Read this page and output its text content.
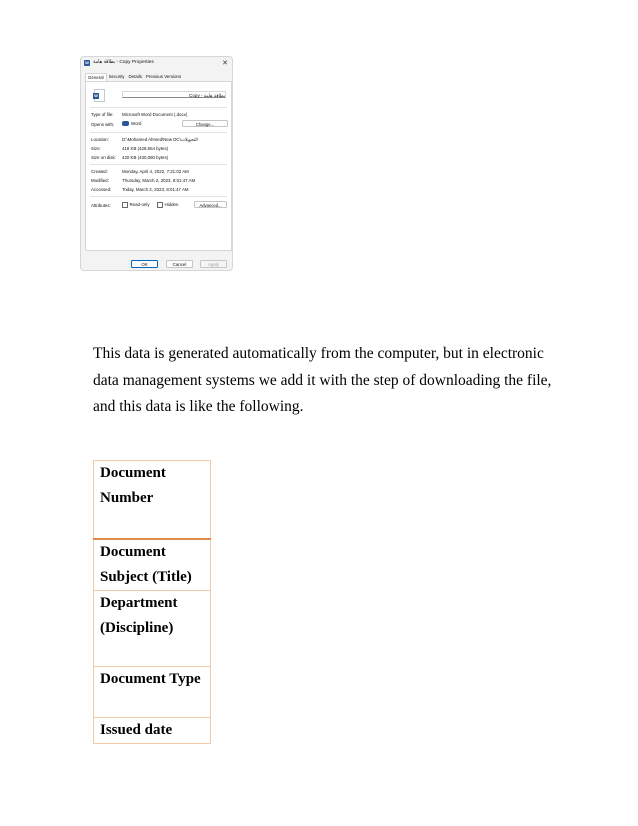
W بطاقة هامة - Copy Properties	✕
General	Security Details Previous Versions
W	بطاقة هامة - Copy
Type of file: Microsoft Word Document (.docx)
Opens with:	Word	Change...
Location:	D:\Mohamed Ahmed\New DC\التحويلات
Size:	418 KB (428,554 bytes)
Size on disk: 420 KB (430,080 bytes)
Created:	Monday, April 4, 2022, 7:21:02 AM
Modified:	Thursday, March 2, 2023, 8:01:47 AM
Accessed: Today, March 2, 2023, 8:01:47 AM
Attributes:	Read-only	Hidden	Advanced...
OK	Cancel	Apply

This data is generated automatically from the computer, but in electronic data management systems we add it with the step of downloading the file, and this data is like the following.

Document Number
Document Subject (Title)
Department (Discipline)
Document Type
Issued date
